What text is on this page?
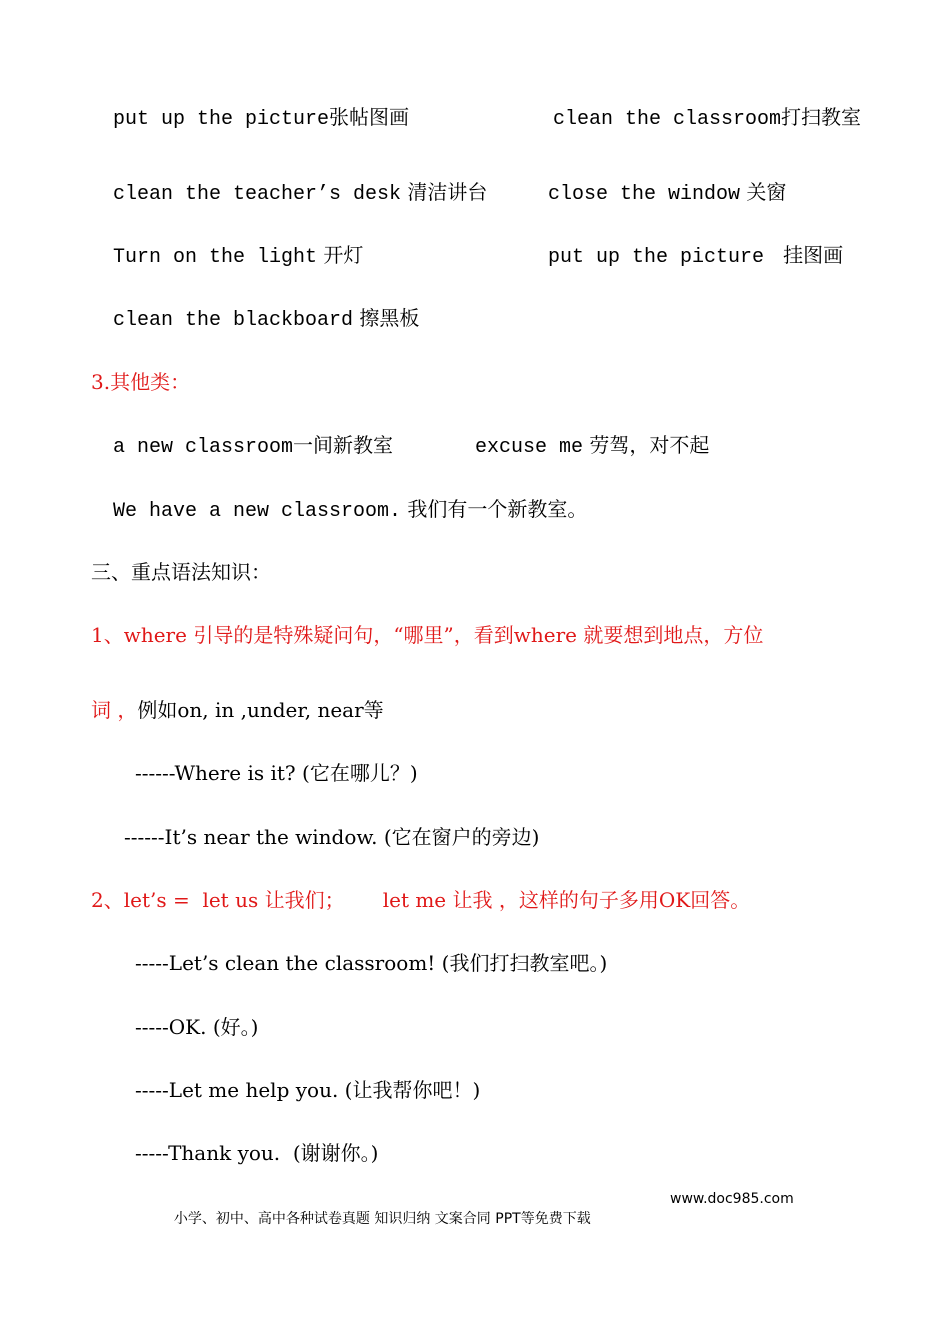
put up the picture张帖图画	clean the classroom打扫教室
clean the teacher’s desk 清洁讲台	close the window 关窗
Turn on the light 开灯	put up the picture 挂图画
clean the blackboard 擦黑板
3.其他类：
a new classroom一间新教室	excuse me 劳驾，对不起
We have a new classroom. 我们有一个新教室。
三、重点语法知识：
1、where 引导的是特殊疑问句，“哪里”，看到where 就要想到地点，方位
词 ，例如on, in ,under, near等
------Where is it? (它在哪儿？)
------It’s near the window. (它在窗户的旁边)
2、let’s =  let us 让我们；      let me 让我 ，这样的句子多用OK回答。
-----Let’s clean the classroom! (我们打扫教室吧。)
-----OK. (好。)
-----Let me help you. (让我帮你吧！)
-----Thank you.  (谢谢你。)

小学、初中、高中各种试卷真题 知识归纳 文案合同 PPT等免费下载

www.doc985.com
